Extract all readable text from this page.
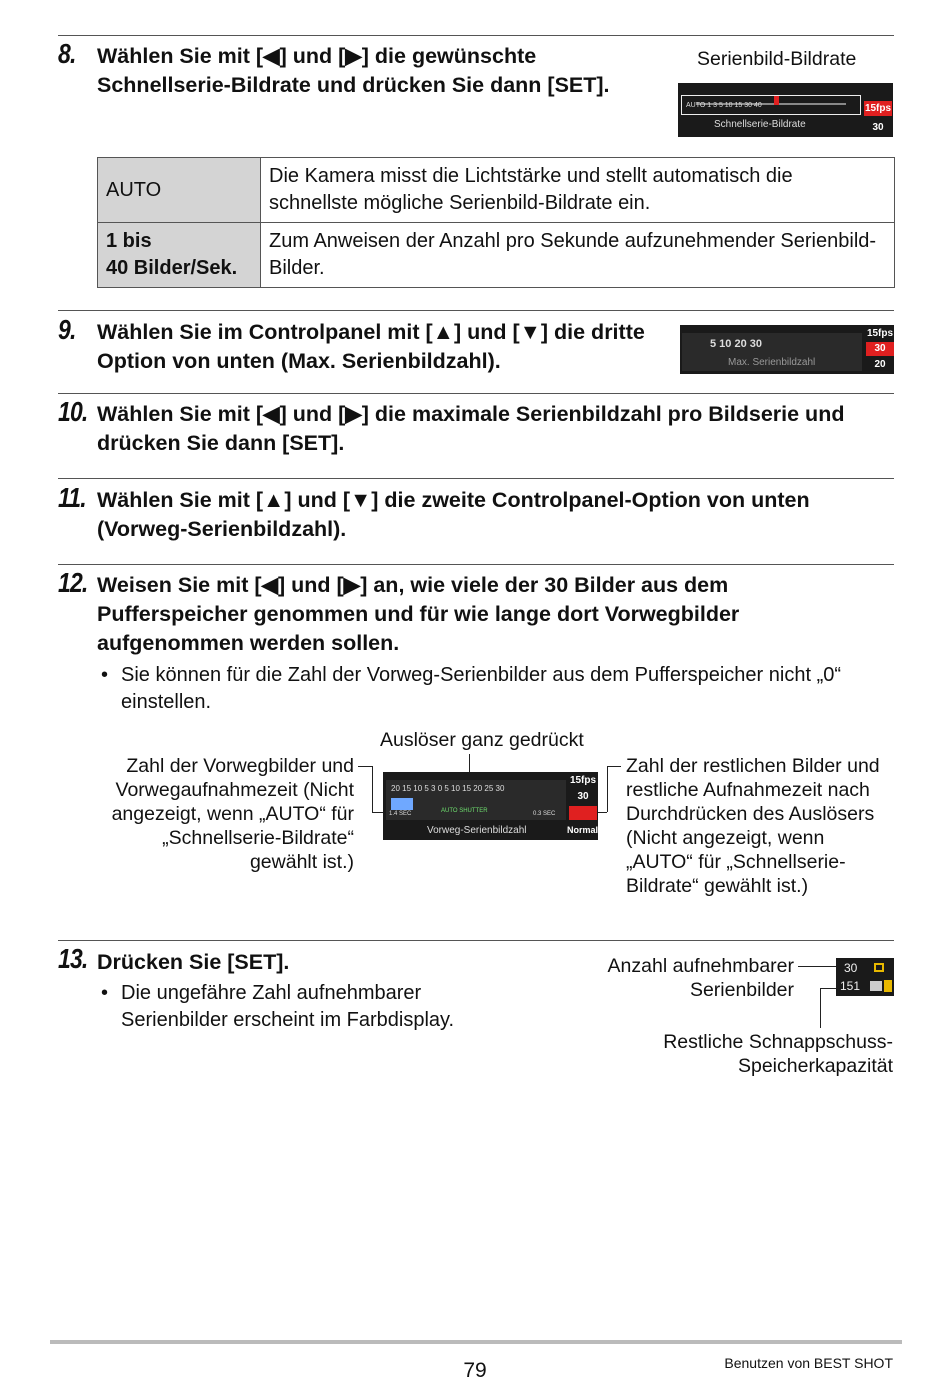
8. Wählen Sie mit [◀] und [▶] die gewünschte Schnellserie-Bildrate und drücken Sie dann [SET].
Serienbild-Bildrate
AUTO 1 3 5 10 15 30 40
Schnellserie-Bildrate
15fps
30
AUTO	Die Kamera misst die Lichtstärke und stellt automatisch die schnellste mögliche Serienbild-Bildrate ein.

1 bis
40 Bilder/Sek.	Zum Anweisen der Anzahl pro Sekunde aufzunehmender Serienbild-Bilder.
9. Wählen Sie im Controlpanel mit [▲] und [▼] die dritte Option von unten (Max. Serienbildzahl).
5 10 20 30
Max. Serienbildzahl
15fps
30
20
10. Wählen Sie mit [◀] und [▶] die maximale Serienbildzahl pro Bildserie und drücken Sie dann [SET].
11. Wählen Sie mit [▲] und [▼] die zweite Controlpanel-Option von unten (Vorweg-Serienbildzahl).
12. Weisen Sie mit [◀] und [▶] an, wie viele der 30 Bilder aus dem Pufferspeicher genommen und für wie lange dort Vorwegbilder aufgenommen werden sollen.
• Sie können für die Zahl der Vorweg-Serienbilder aus dem Pufferspeicher nicht „0“ einstellen.
Auslöser ganz gedrückt
Zahl der Vorwegbilder und Vorwegaufnahmezeit (Nicht angezeigt, wenn „AUTO“ für „Schnellserie-Bildrate“ gewählt ist.)
Zahl der restlichen Bilder und restliche Aufnahmezeit nach Durchdrücken des Auslösers (Nicht angezeigt, wenn „AUTO“ für „Schnellserie-Bildrate“ gewählt ist.)
20 15 10 5 3 0 5 10 15 20 25 30
AUTO SHUTTER
1.4 SEC	0.3 SEC
Vorweg-Serienbildzahl
15fps
30
Normal
13. Drücken Sie [SET].
• Die ungefähre Zahl aufnehmbarer Serienbilder erscheint im Farbdisplay.
Anzahl aufnehmbarer Serienbilder
Restliche Schnappschuss-Speicherkapazität
30
151
79	Benutzen von BEST SHOT
